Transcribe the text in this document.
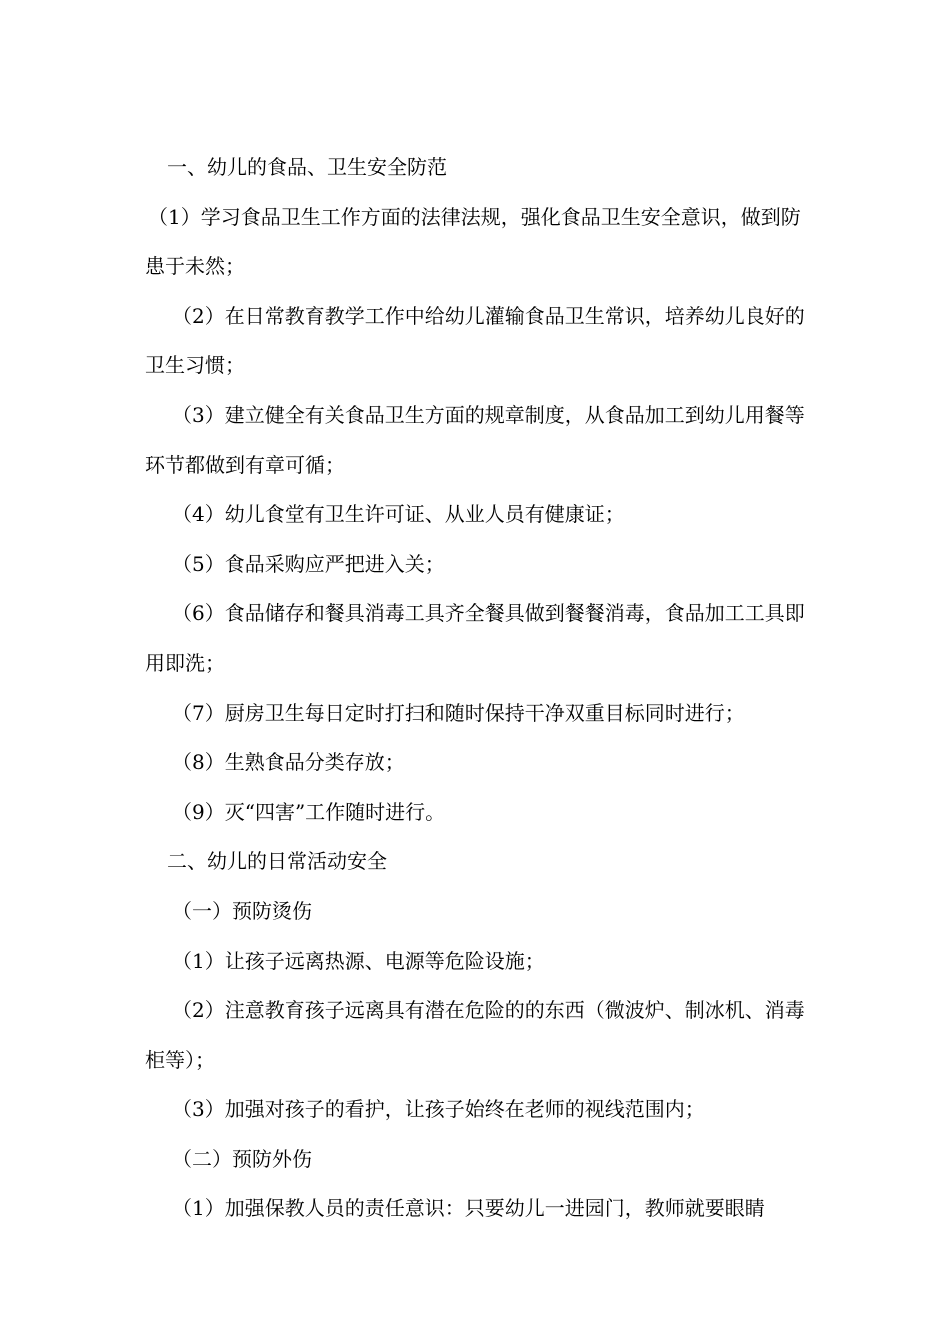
一、幼儿的食品、卫生安全防范

（1）学习食品卫生工作方面的法律法规，强化食品卫生安全意识，做到防患于未然；

（2）在日常教育教学工作中给幼儿灌输食品卫生常识，培养幼儿良好的卫生习惯；

（3）建立健全有关食品卫生方面的规章制度，从食品加工到幼儿用餐等环节都做到有章可循；

（4）幼儿食堂有卫生许可证、从业人员有健康证；

（5）食品采购应严把进入关；

（6）食品储存和餐具消毒工具齐全餐具做到餐餐消毒，食品加工工具即用即洗；

（7）厨房卫生每日定时打扫和随时保持干净双重目标同时进行；

（8）生熟食品分类存放；

（9）灭“四害”工作随时进行。

二、幼儿的日常活动安全

（一）预防烫伤

（1）让孩子远离热源、电源等危险设施；

（2）注意教育孩子远离具有潜在危险的的东西（微波炉、制冰机、消毒柜等）；

（3）加强对孩子的看护，让孩子始终在老师的视线范围内；

（二）预防外伤

（1）加强保教人员的责任意识：只要幼儿一进园门，教师就要眼睛
